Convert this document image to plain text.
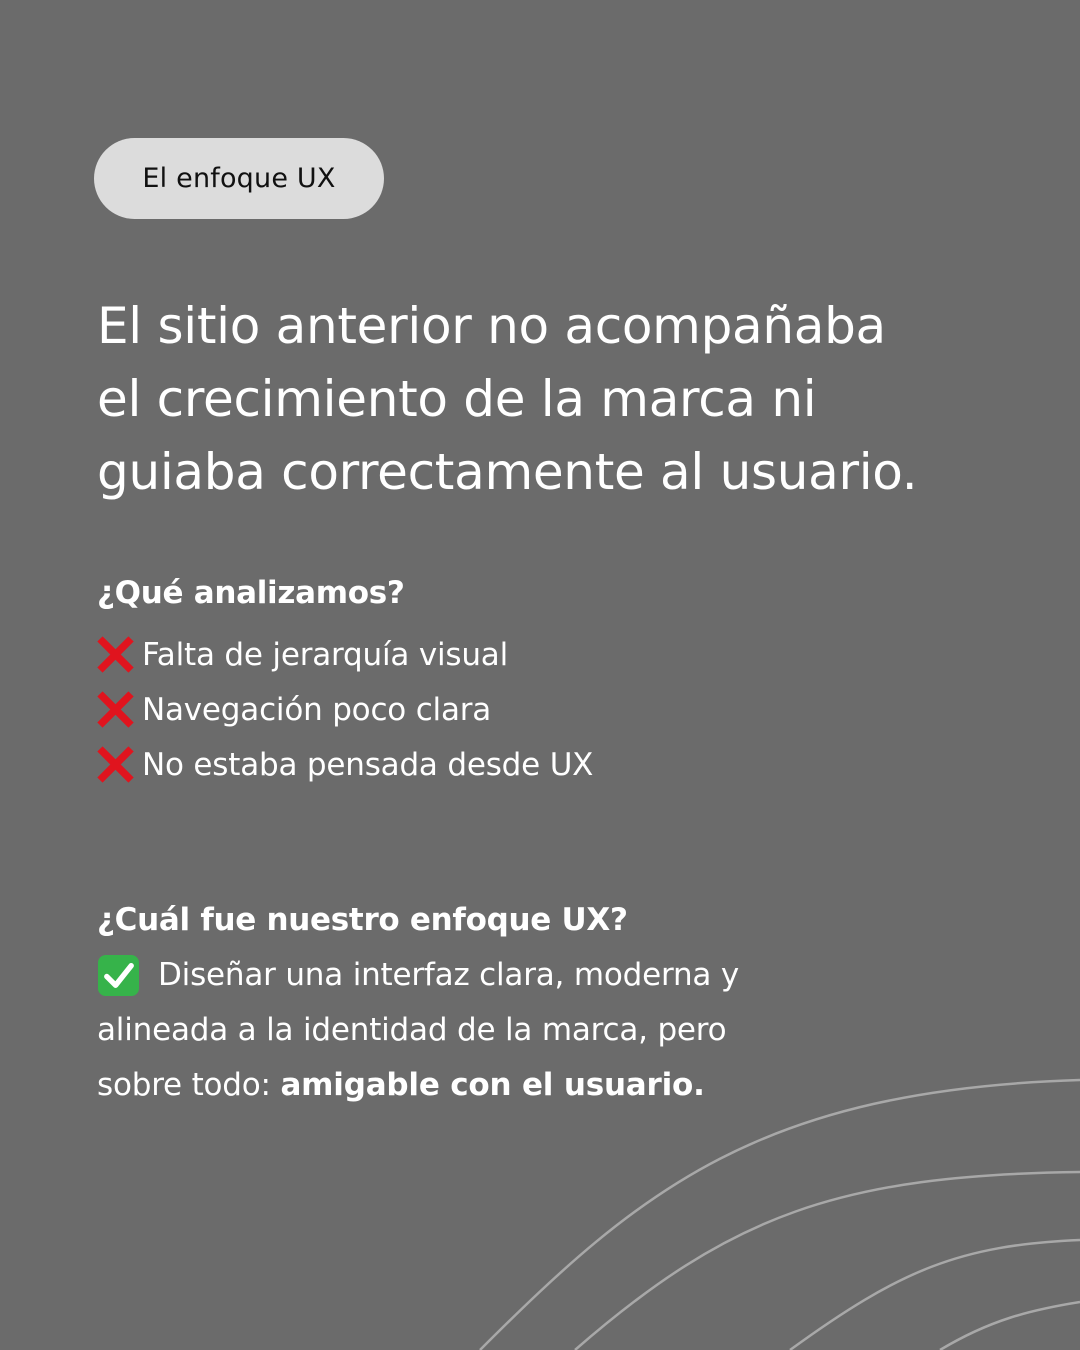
El enfoque UX
El sitio anterior no acompañaba
el crecimiento de la marca ni
guiaba correctamente al usuario.
¿Qué analizamos?
Falta de jerarquía visual
Navegación poco clara
No estaba pensada desde UX
¿Cuál fue nuestro enfoque UX?
Diseñar una interfaz clara, moderna y
alineada a la identidad de la marca, pero
sobre todo: amigable con el usuario.
